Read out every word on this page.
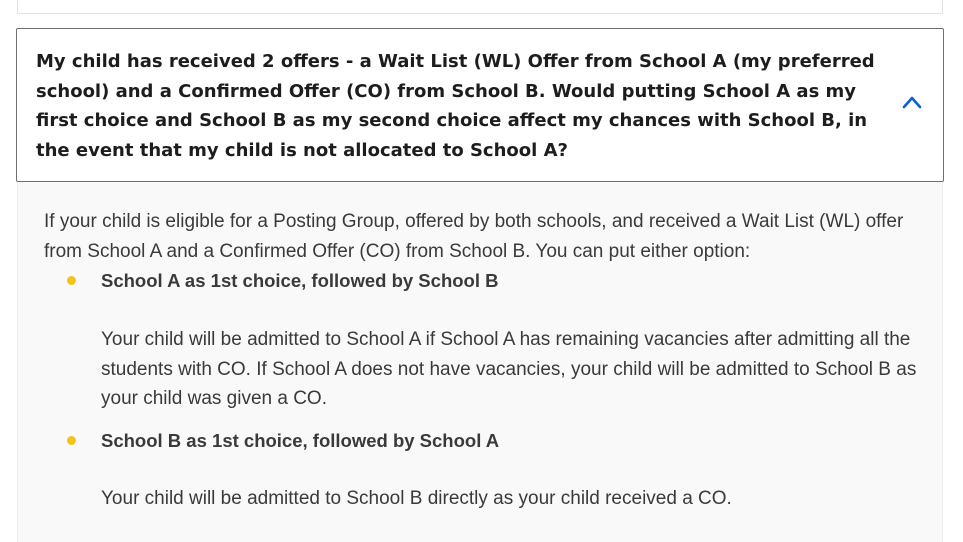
My child has received 2 offers - a Wait List (WL) Offer from School A (my preferred school) and a Confirmed Offer (CO) from School B. Would putting School A as my first choice and School B as my second choice affect my chances with School B, in the event that my child is not allocated to School A?

If your child is eligible for a Posting Group, offered by both schools, and received a Wait List (WL) offer from School A and a Confirmed Offer (CO) from School B. You can put either option:

School A as 1st choice, followed by School B

Your child will be admitted to School A if School A has remaining vacancies after admitting all the students with CO. If School A does not have vacancies, your child will be admitted to School B as your child was given a CO.

School B as 1st choice, followed by School A

Your child will be admitted to School B directly as your child received a CO.
